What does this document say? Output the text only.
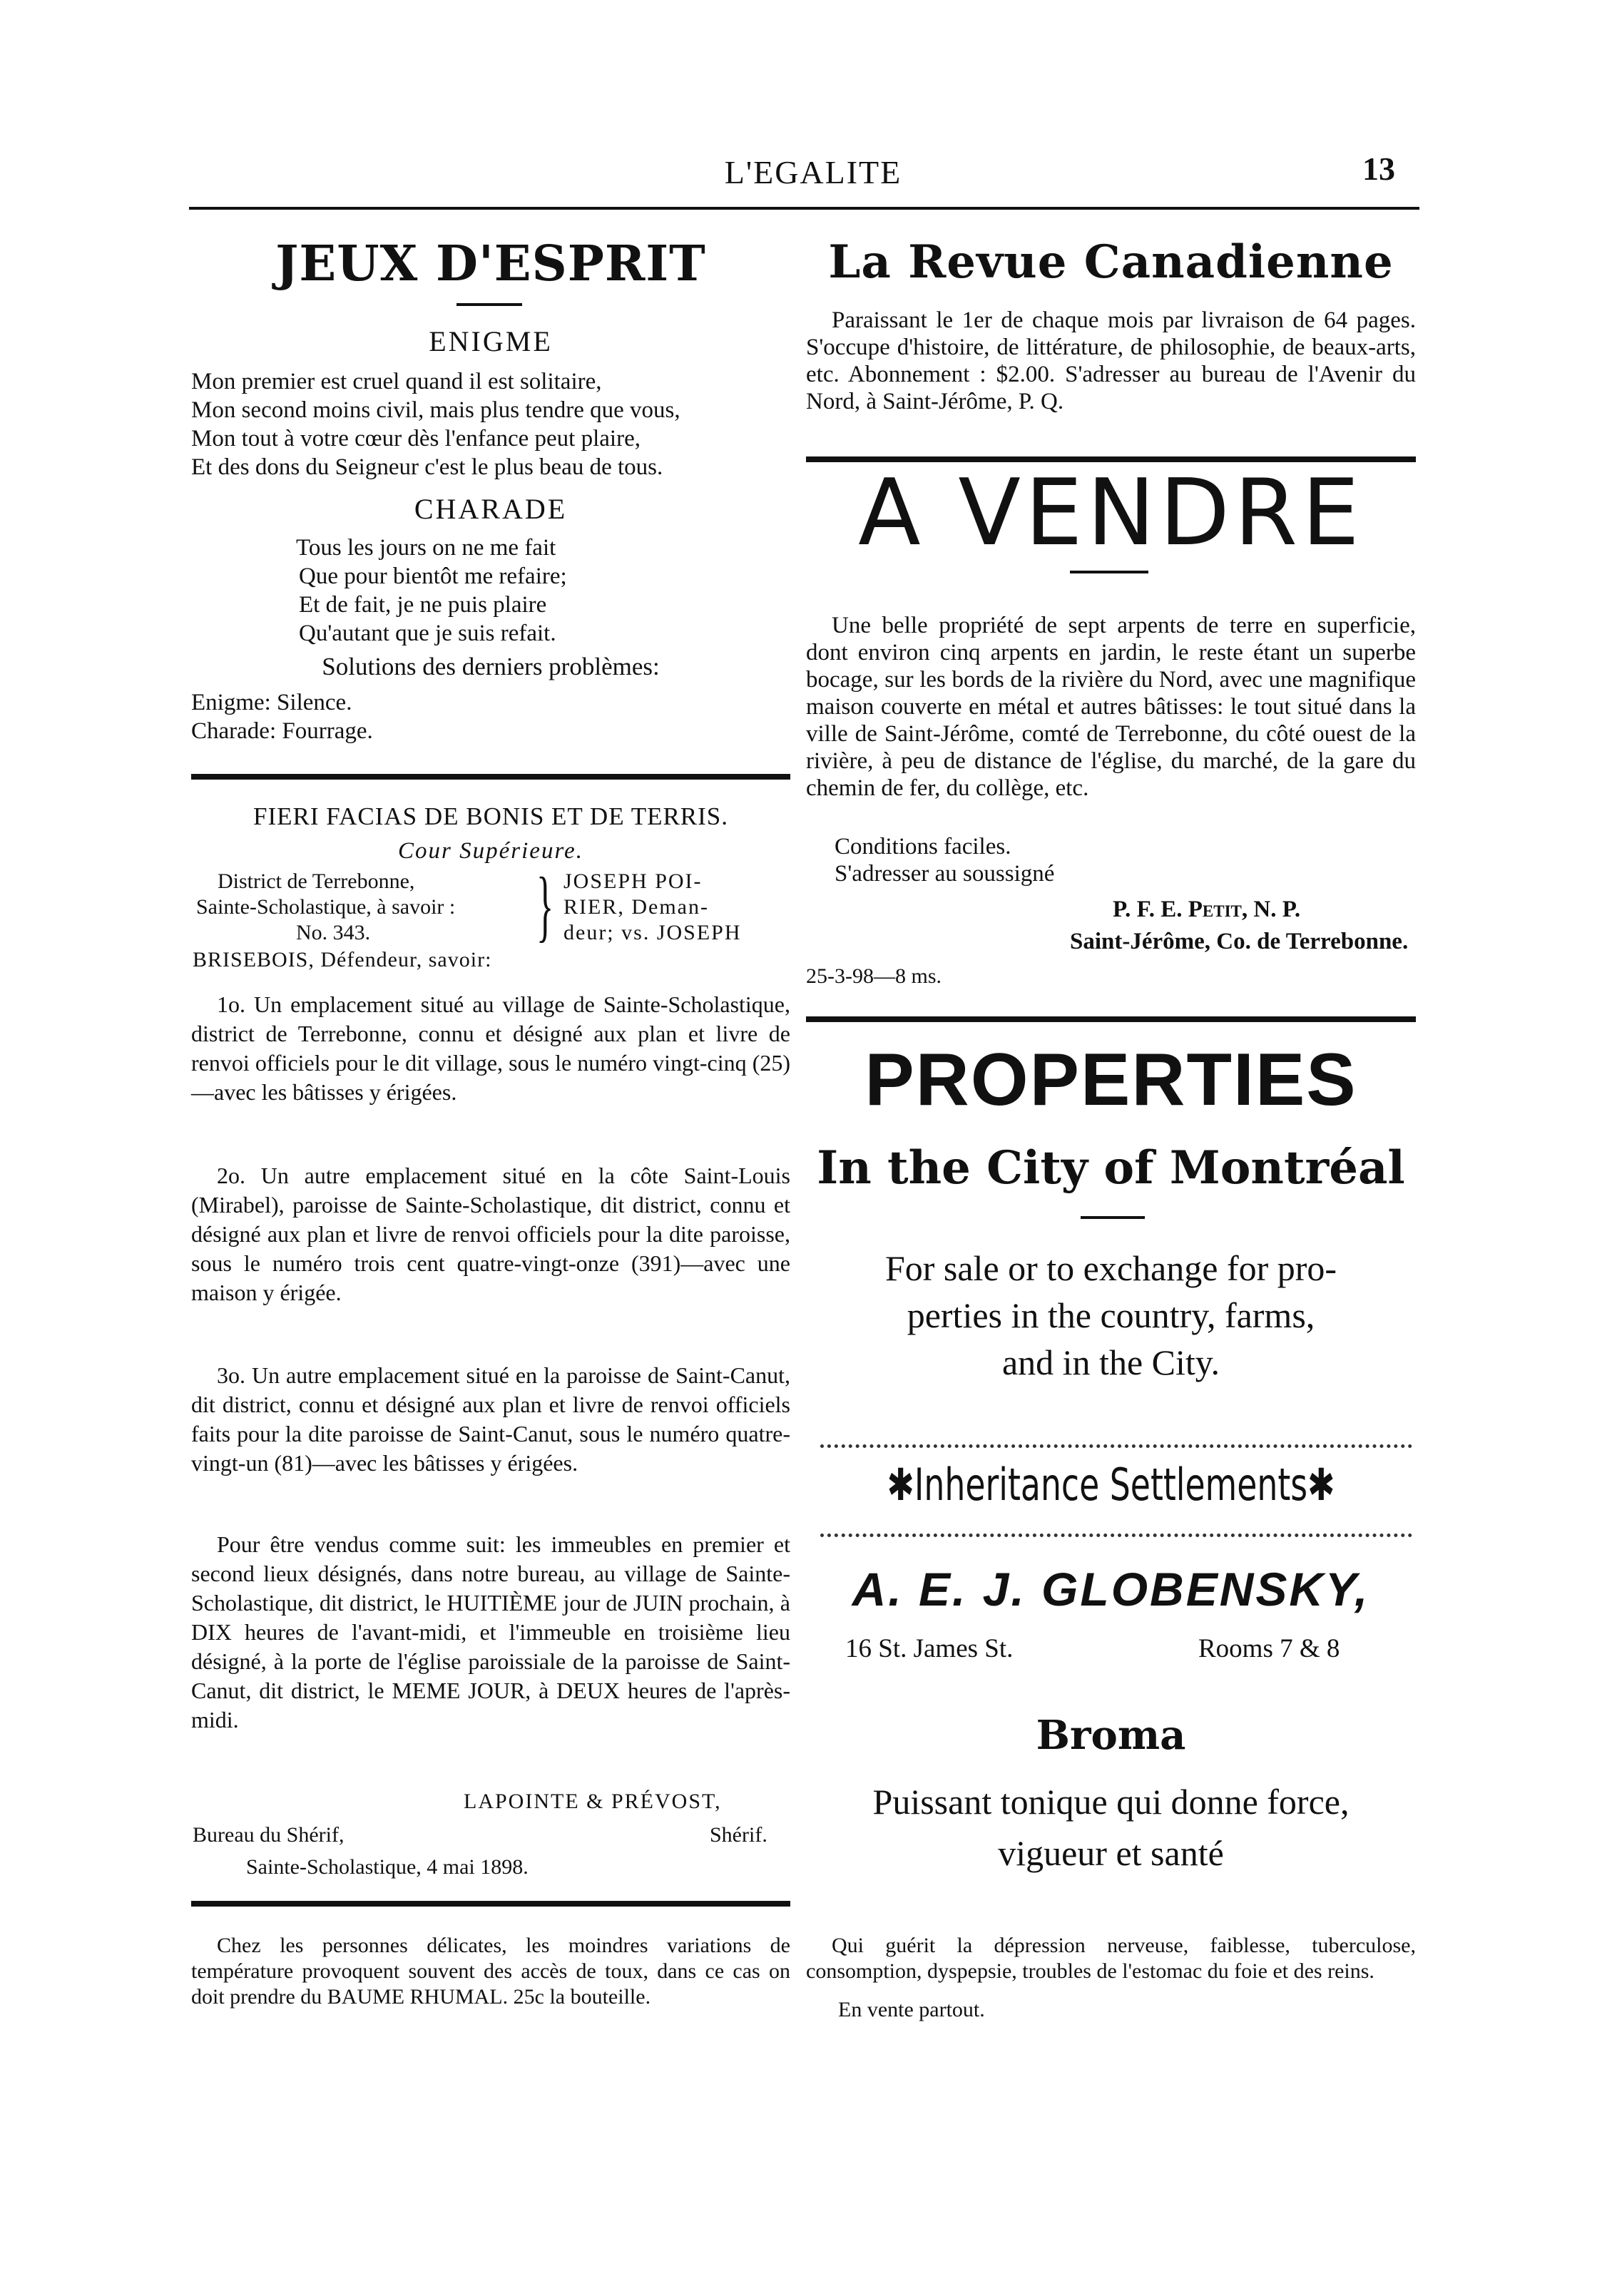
L'EGALITE	13
JEUX D'ESPRIT
ENIGME
Mon premier est cruel quand il est solitaire,
Mon second moins civil, mais plus tendre que vous,
Mon tout à votre cœur dès l'enfance peut plaire,
Et des dons du Seigneur c'est le plus beau de tous.
CHARADE
Tous les jours on ne me fait
Que pour bientôt me refaire;
Et de fait, je ne puis plaire
Qu'autant que je suis refait.
Solutions des derniers problèmes:
Enigme: Silence.
Charade: Fourrage.
FIERI FACIAS DE BONIS ET DE TERRIS.
Cour Supérieure.
District de Terrebonne,
Sainte-Scholastique, à savoir :
No. 343.	} JOSEPH POI-
RIER, Deman-
deur; vs. JOSEPH
BRISEBOIS, Défendeur, savoir:

1o. Un emplacement situé au village de Sainte-Scholastique, district de Terrebonne, connu et désigné aux plan et livre de renvoi officiels pour le dit village, sous le numéro vingt-cinq (25)—avec les bâtisses y érigées.

2o. Un autre emplacement situé en la côte Saint-Louis (Mirabel), paroisse de Sainte-Scholastique, dit district, connu et désigné aux plan et livre de renvoi officiels pour la dite paroisse, sous le numéro trois cent quatre-vingt-onze (391)—avec une maison y érigée.

3o. Un autre emplacement situé en la paroisse de Saint-Canut, dit district, connu et désigné aux plan et livre de renvoi officiels faits pour la dite paroisse de Saint-Canut, sous le numéro quatre-vingt-un (81)—avec les bâtisses y érigées.

Pour être vendus comme suit: les immeubles en premier et second lieux désignés, dans notre bureau, au village de Sainte-Scholastique, dit district, le HUITIÈME jour de JUIN prochain, à DIX heures de l'avant-midi, et l'immeuble en troisième lieu désigné, à la porte de l'église paroissiale de la paroisse de Saint-Canut, dit district, le MEME JOUR, à DEUX heures de l'après-midi.

LAPOINTE & PRÉVOST,
Bureau du Shérif,	Shérif.
Sainte-Scholastique, 4 mai 1898.

Chez les personnes délicates, les moindres variations de température provoquent souvent des accès de toux, dans ce cas on doit prendre du BAUME RHUMAL. 25c la bouteille.

La Revue Canadienne

Paraissant le 1er de chaque mois par livraison de 64 pages. S'occupe d'histoire, de littérature, de philosophie, de beaux-arts, etc. Abonnement : $2.00. S'adresser au bureau de l'Avenir du Nord, à Saint-Jérôme, P. Q.

A VENDRE

Une belle propriété de sept arpents de terre en superficie, dont environ cinq arpents en jardin, le reste étant un superbe bocage, sur les bords de la rivière du Nord, avec une magnifique maison couverte en métal et autres bâtisses: le tout situé dans la ville de Saint-Jérôme, comté de Terrebonne, du côté ouest de la rivière, à peu de distance de l'église, du marché, de la gare du chemin de fer, du collège, etc.

Conditions faciles.
S'adresser au soussigné
P. F. E. Petit, N. P.
Saint-Jérôme, Co. de Terrebonne.
25-3-98—8 ms.
PROPERTIES
In the City of Montréal
For sale or to exchange for pro-
perties in the country, farms,
and in the City.
✱Inheritance Settlements✱
A. E. J. GLOBENSKY,
16 St. James St.	Rooms 7 & 8
Broma
Puissant tonique qui donne force,
vigueur et santé

Qui guérit la dépression nerveuse, faiblesse, tuberculose, consomption, dyspepsie, troubles de l'estomac du foie et des reins.

En vente partout.
